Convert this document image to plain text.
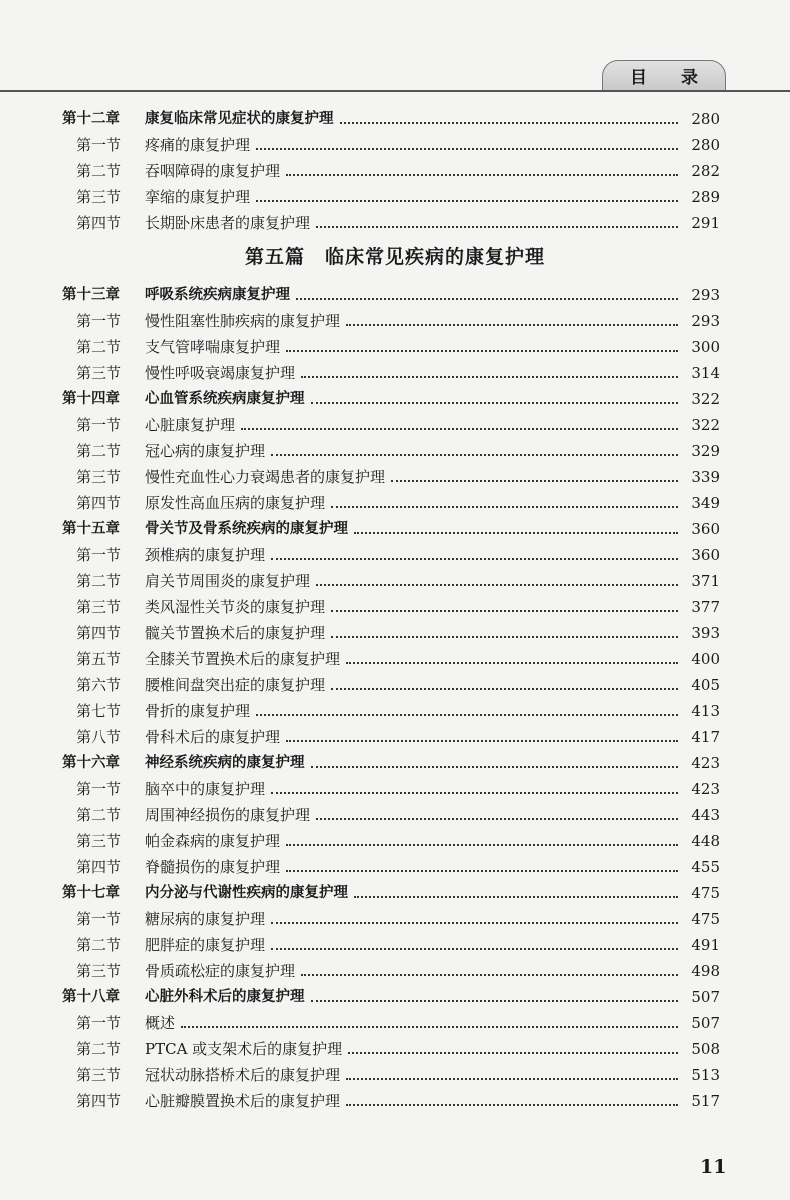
目 录
第十二章	康复临床常见症状的康复护理	280
第一节	疼痛的康复护理	280
第二节	吞咽障碍的康复护理	282
第三节	挛缩的康复护理	289
第四节	长期卧床患者的康复护理	291
第五篇　临床常见疾病的康复护理
第十三章	呼吸系统疾病康复护理	293
第一节	慢性阻塞性肺疾病的康复护理	293
第二节	支气管哮喘康复护理	300
第三节	慢性呼吸衰竭康复护理	314
第十四章	心血管系统疾病康复护理	322
第一节	心脏康复护理	322
第二节	冠心病的康复护理	329
第三节	慢性充血性心力衰竭患者的康复护理	339
第四节	原发性高血压病的康复护理	349
第十五章	骨关节及骨系统疾病的康复护理	360
第一节	颈椎病的康复护理	360
第二节	肩关节周围炎的康复护理	371
第三节	类风湿性关节炎的康复护理	377
第四节	髋关节置换术后的康复护理	393
第五节	全膝关节置换术后的康复护理	400
第六节	腰椎间盘突出症的康复护理	405
第七节	骨折的康复护理	413
第八节	骨科术后的康复护理	417
第十六章	神经系统疾病的康复护理	423
第一节	脑卒中的康复护理	423
第二节	周围神经损伤的康复护理	443
第三节	帕金森病的康复护理	448
第四节	脊髓损伤的康复护理	455
第十七章	内分泌与代谢性疾病的康复护理	475
第一节	糖尿病的康复护理	475
第二节	肥胖症的康复护理	491
第三节	骨质疏松症的康复护理	498
第十八章	心脏外科术后的康复护理	507
第一节	概述	507
第二节	PTCA 或支架术后的康复护理	508
第三节	冠状动脉搭桥术后的康复护理	513
第四节	心脏瓣膜置换术后的康复护理	517
11
